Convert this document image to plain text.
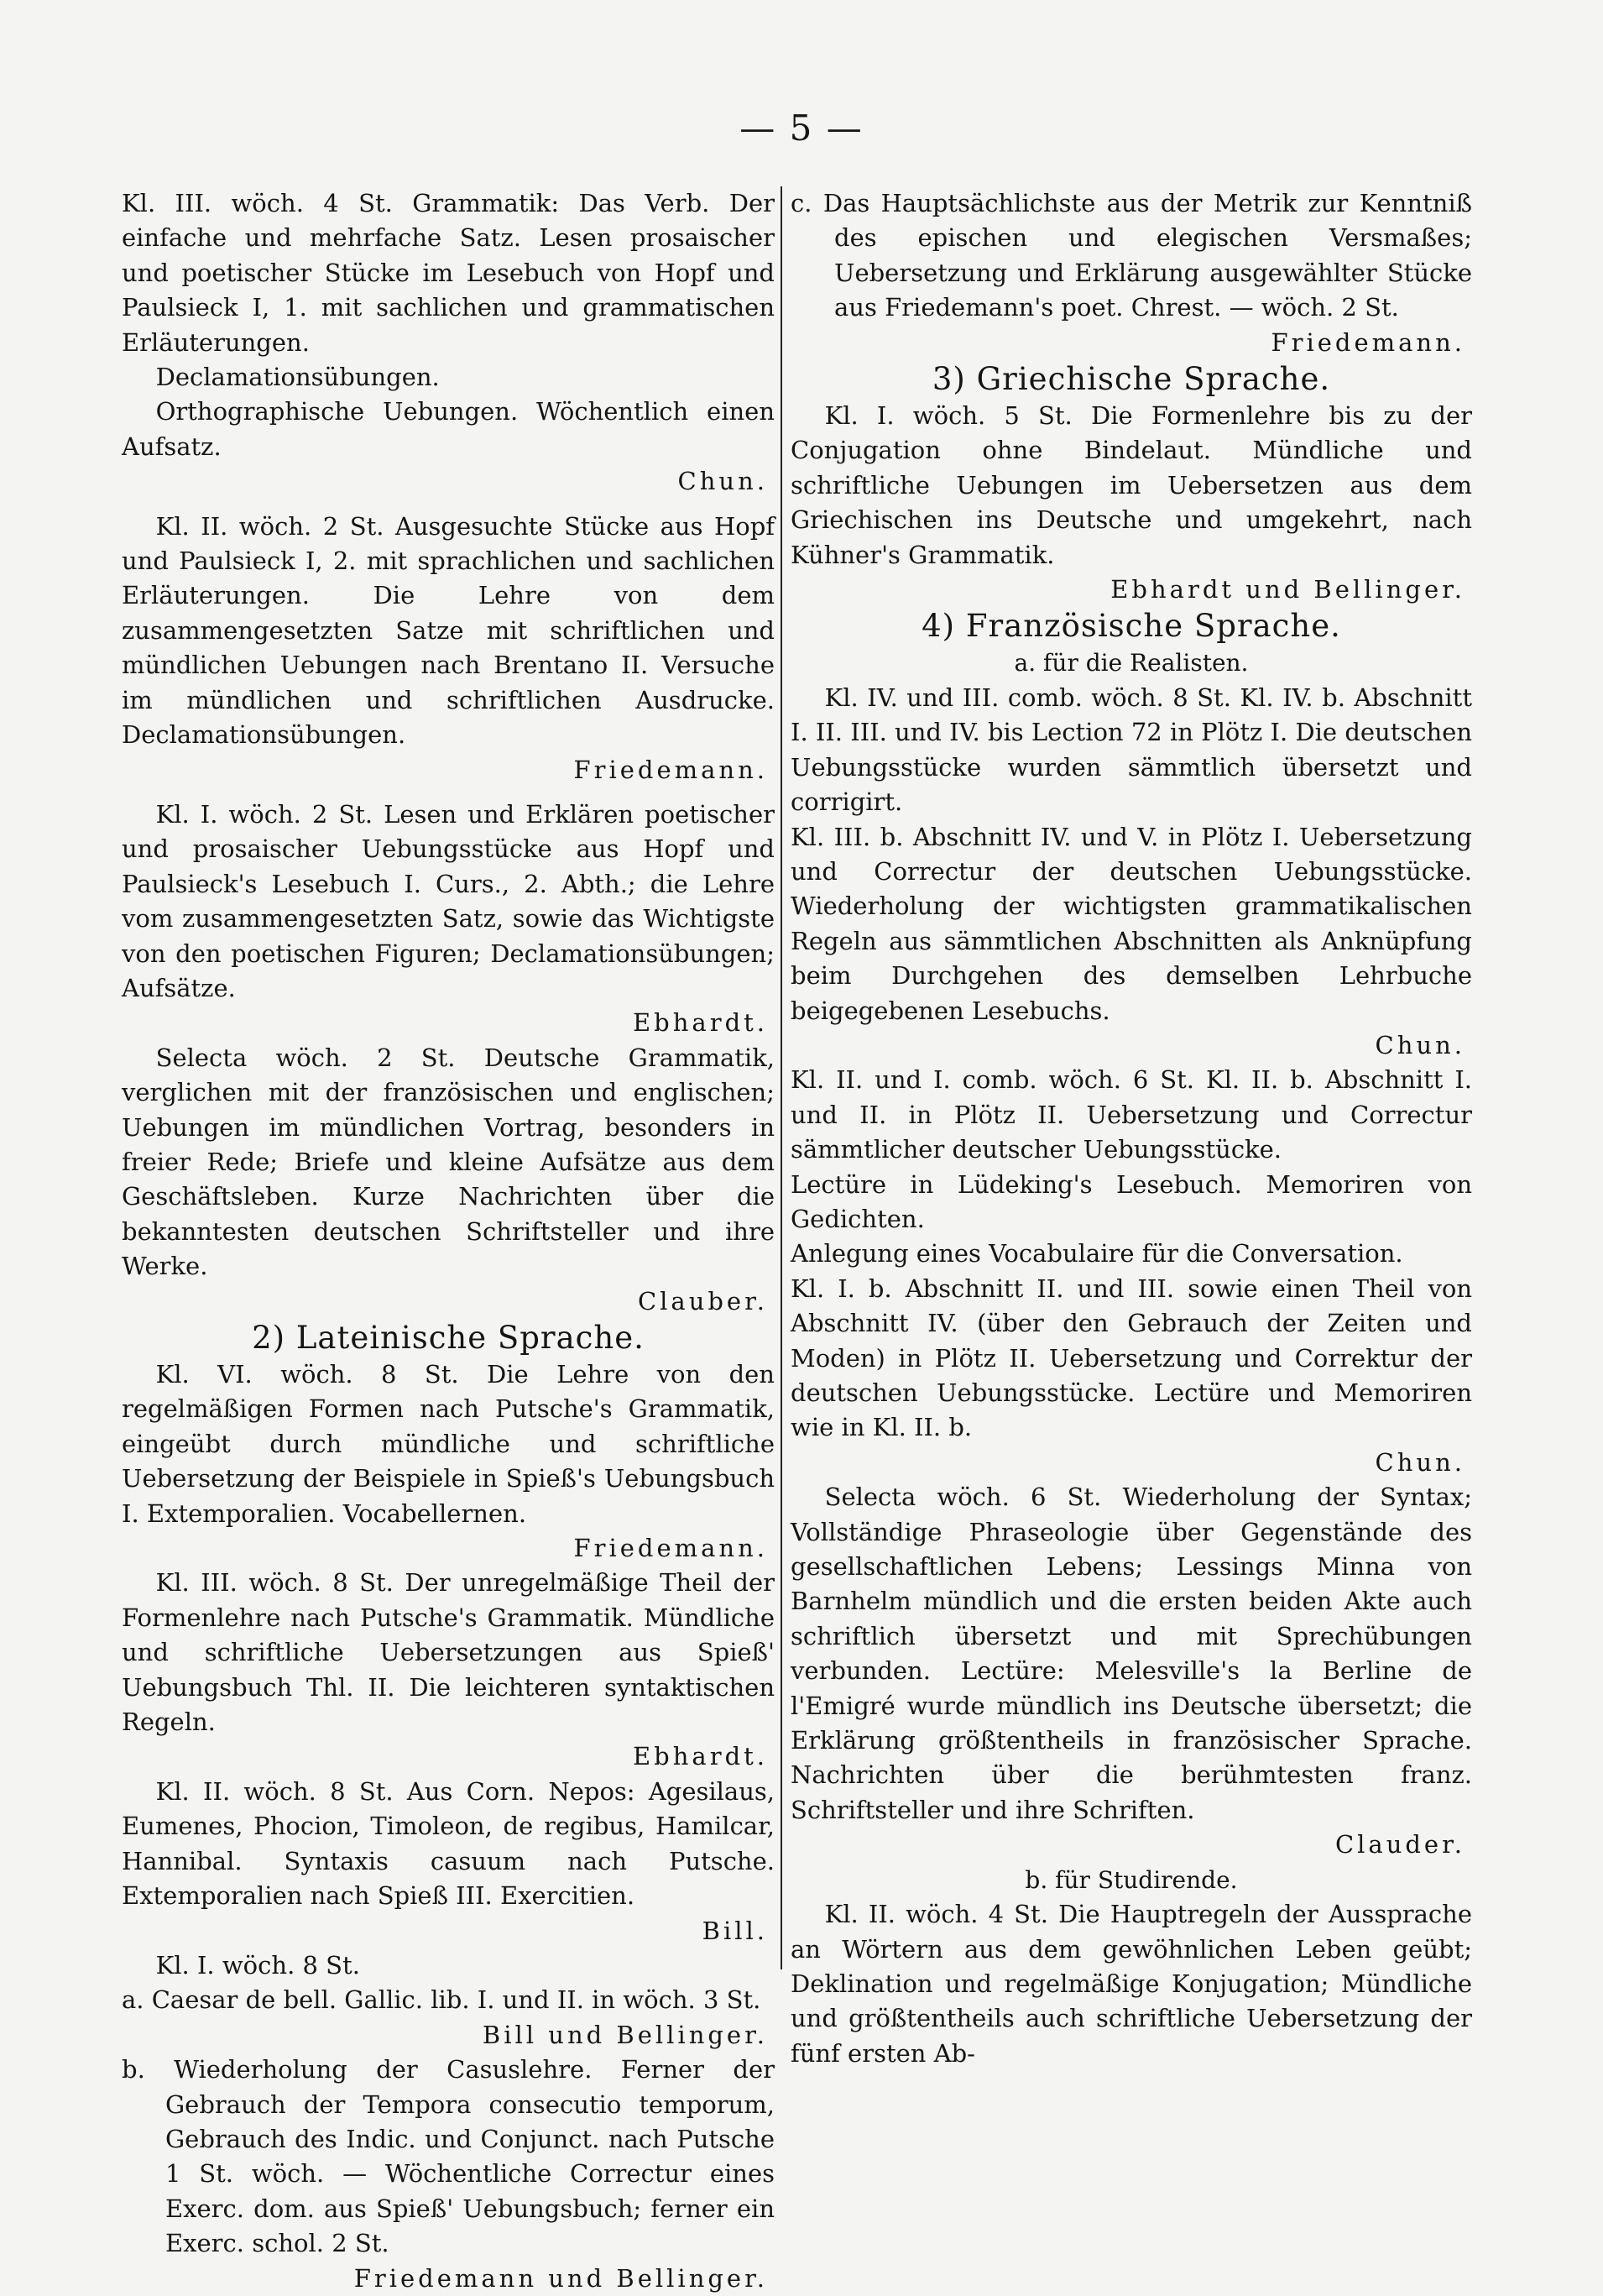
— 5 —

Kl. III. wöch. 4 St. Grammatik: Das Verb. Der einfache und mehrfache Satz. Lesen prosaischer und poetischer Stücke im Lesebuch von Hopf und Paulsieck I, 1. mit sachlichen und grammatischen Erläuterungen.

Declamationsübungen.

Orthographische Uebungen. Wöchentlich einen Aufsatz.

Chun.

Kl. II. wöch. 2 St. Ausgesuchte Stücke aus Hopf und Paulsieck I, 2. mit sprachlichen und sachlichen Erläuterungen. Die Lehre von dem zusammengesetzten Satze mit schriftlichen und mündlichen Uebungen nach Brentano II. Versuche im mündlichen und schriftlichen Ausdrucke. Declamationsübungen.

Friedemann.

Kl. I. wöch. 2 St. Lesen und Erklären poetischer und prosaischer Uebungsstücke aus Hopf und Paulsieck's Lesebuch I. Curs., 2. Abth.; die Lehre vom zusammengesetzten Satz, sowie das Wichtigste von den poetischen Figuren; Declamationsübungen; Aufsätze.

Ebhardt.

Selecta wöch. 2 St. Deutsche Grammatik, verglichen mit der französischen und englischen; Uebungen im mündlichen Vortrag, besonders in freier Rede; Briefe und kleine Aufsätze aus dem Geschäftsleben. Kurze Nachrichten über die bekanntesten deutschen Schriftsteller und ihre Werke.

Clauber.

2) Lateinische Sprache.

Kl. VI. wöch. 8 St. Die Lehre von den regelmäßigen Formen nach Putsche's Grammatik, eingeübt durch mündliche und schriftliche Uebersetzung der Beispiele in Spieß's Uebungsbuch I. Extemporalien. Vocabellernen.

Friedemann.

Kl. III. wöch. 8 St. Der unregelmäßige Theil der Formenlehre nach Putsche's Grammatik. Mündliche und schriftliche Uebersetzungen aus Spieß' Uebungsbuch Thl. II. Die leichteren syntaktischen Regeln.

Ebhardt.

Kl. II. wöch. 8 St. Aus Corn. Nepos: Agesilaus, Eumenes, Phocion, Timoleon, de regibus, Hamilcar, Hannibal. Syntaxis casuum nach Putsche. Extemporalien nach Spieß III. Exercitien.

Bill.

Kl. I. wöch. 8 St.

a. Caesar de bell. Gallic. lib. I. und II. in wöch. 3 St.

Bill und Bellinger.

b. Wiederholung der Casuslehre. Ferner der Gebrauch der Tempora consecutio temporum, Gebrauch des Indic. und Conjunct. nach Putsche 1 St. wöch. — Wöchentliche Correctur eines Exerc. dom. aus Spieß' Uebungsbuch; ferner ein Exerc. schol. 2 St.

Friedemann und Bellinger.

c. Das Hauptsächlichste aus der Metrik zur Kenntniß des epischen und elegischen Versmaßes; Uebersetzung und Erklärung ausgewählter Stücke aus Friedemann's poet. Chrest. — wöch. 2 St.

Friedemann.

3) Griechische Sprache.

Kl. I. wöch. 5 St. Die Formenlehre bis zu der Conjugation ohne Bindelaut. Mündliche und schriftliche Uebungen im Uebersetzen aus dem Griechischen ins Deutsche und umgekehrt, nach Kühner's Grammatik.

Ebhardt und Bellinger.

4) Französische Sprache.

a. für die Realisten.

Kl. IV. und III. comb. wöch. 8 St. Kl. IV. b. Abschnitt I. II. III. und IV. bis Lection 72 in Plötz I. Die deutschen Uebungsstücke wurden sämmtlich übersetzt und corrigirt.

Kl. III. b. Abschnitt IV. und V. in Plötz I. Uebersetzung und Correctur der deutschen Uebungsstücke. Wiederholung der wichtigsten grammatikalischen Regeln aus sämmtlichen Abschnitten als Anknüpfung beim Durchgehen des demselben Lehrbuche beigegebenen Lesebuchs.

Chun.

Kl. II. und I. comb. wöch. 6 St. Kl. II. b. Abschnitt I. und II. in Plötz II. Uebersetzung und Correctur sämmtlicher deutscher Uebungsstücke.

Lectüre in Lüdeking's Lesebuch. Memoriren von Gedichten.

Anlegung eines Vocabulaire für die Conversation.

Kl. I. b. Abschnitt II. und III. sowie einen Theil von Abschnitt IV. (über den Gebrauch der Zeiten und Moden) in Plötz II. Uebersetzung und Correktur der deutschen Uebungsstücke. Lectüre und Memoriren wie in Kl. II. b.

Chun.

Selecta wöch. 6 St. Wiederholung der Syntax; Vollständige Phraseologie über Gegenstände des gesellschaftlichen Lebens; Lessings Minna von Barnhelm mündlich und die ersten beiden Akte auch schriftlich übersetzt und mit Sprechübungen verbunden. Lectüre: Melesville's la Berline de l'Emigré wurde mündlich ins Deutsche übersetzt; die Erklärung größtentheils in französischer Sprache. Nachrichten über die berühmtesten franz. Schriftsteller und ihre Schriften.

Clauder.

b. für Studirende.

Kl. II. wöch. 4 St. Die Hauptregeln der Aussprache an Wörtern aus dem gewöhnlichen Leben geübt; Deklination und regelmäßige Konjugation; Mündliche und größtentheils auch schriftliche Uebersetzung der fünf ersten Ab-
